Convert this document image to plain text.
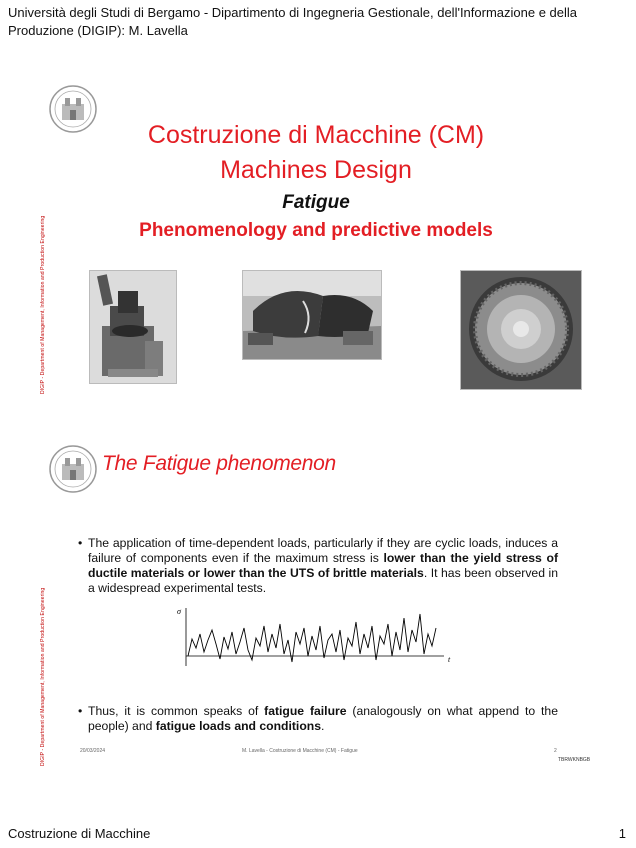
Università degli Studi di Bergamo - Dipartimento di Ingegneria Gestionale, dell'Informazione e della
Produzione (DIGIP): M. Lavella
DIGIP - Department of Management, Information and Production Engineering
Costruzione di Macchine (CM)
Machines Design
Fatigue
Phenomenology and predictive models
DIGIP - Department of Management, Information and Production Engineering
The Fatigue phenomenon
• The application of time-dependent loads, particularly if they are cyclic loads, induces a failure of components even if the maximum stress is lower than the yield stress of ductile materials or lower than the UTS of brittle materials. It has been observed in a widespread experimental tests.
σ
t
• Thus, it is common speaks of fatigue failure (analogously on what append to the people) and fatigue loads and conditions.
20/03/2024	M. Lavella - Costruzione di Macchine (CM) - Fatigue	2
TBRWKNBGB
Costruzione di Macchine	1
